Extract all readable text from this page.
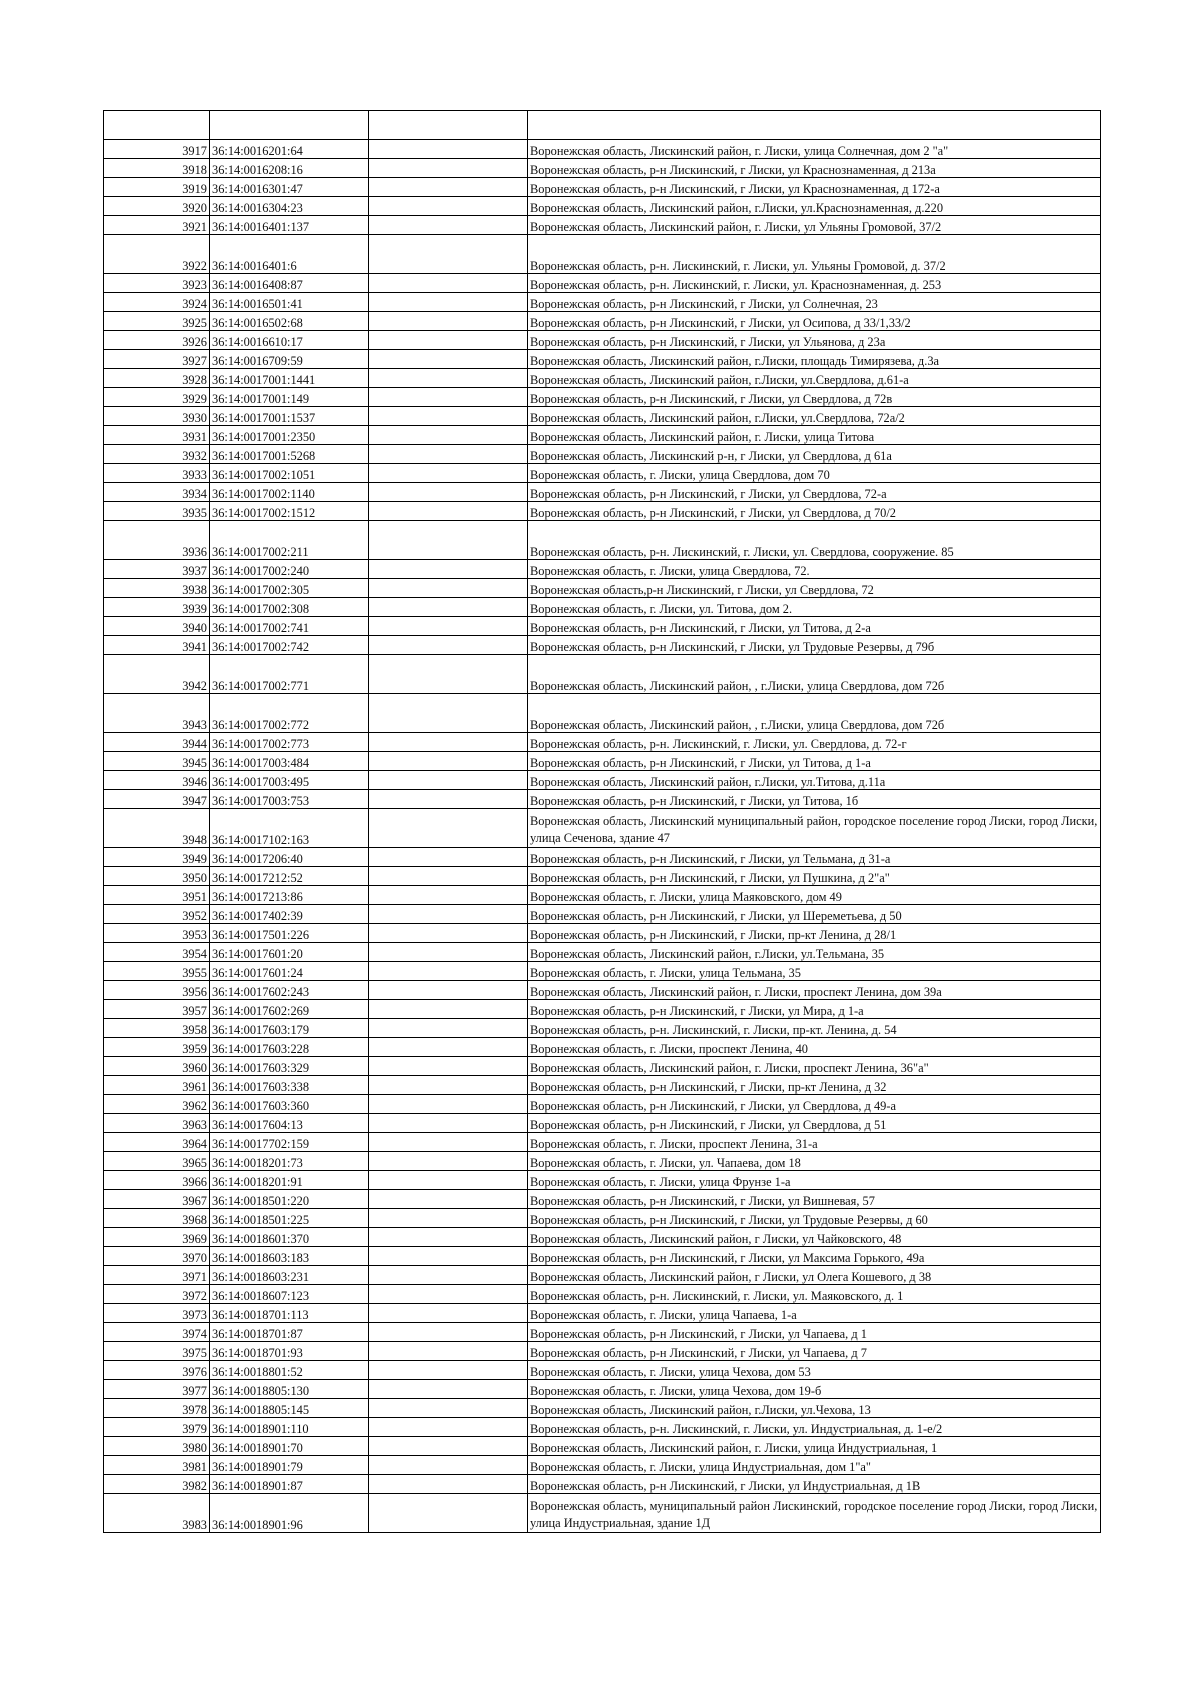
3917	36:14:0016201:64		Воронежская область, Лискинский район, г. Лиски, улица Солнечная, дом 2 "а"
3918	36:14:0016208:16		Воронежская область, р-н Лискинский, г Лиски, ул Краснознаменная, д 213а
3919	36:14:0016301:47		Воронежская область, р-н Лискинский, г Лиски, ул Краснознаменная, д 172-а
3920	36:14:0016304:23		Воронежская область, Лискинский район, г.Лиски, ул.Краснознаменная, д.220
3921	36:14:0016401:137		Воронежская область, Лискинский район, г. Лиски, ул Ульяны Громовой, 37/2
3922	36:14:0016401:6		Воронежская область, р-н. Лискинский, г. Лиски, ул. Ульяны Громовой, д. 37/2
3923	36:14:0016408:87		Воронежская область, р-н. Лискинский, г. Лиски, ул. Краснознаменная, д. 253
3924	36:14:0016501:41		Воронежская область, р-н Лискинский, г Лиски, ул Солнечная, 23
3925	36:14:0016502:68		Воронежская область, р-н Лискинский, г Лиски, ул Осипова, д 33/1,33/2
3926	36:14:0016610:17		Воронежская область, р-н Лискинский, г Лиски, ул Ульянова, д 23а
3927	36:14:0016709:59		Воронежская область, Лискинский район, г.Лиски, площадь Тимирязева, д.3а
3928	36:14:0017001:1441		Воронежская область, Лискинский район, г.Лиски, ул.Свердлова, д.61-а
3929	36:14:0017001:149		Воронежская область, р-н Лискинский, г Лиски, ул Свердлова, д 72в
3930	36:14:0017001:1537		Воронежская область, Лискинский район, г.Лиски, ул.Свердлова, 72а/2
3931	36:14:0017001:2350		Воронежская область, Лискинский район, г. Лиски, улица Титова
3932	36:14:0017001:5268		Воронежская область, Лискинский р-н, г Лиски, ул Свердлова, д 61а
3933	36:14:0017002:1051		Воронежская область, г. Лиски, улица Свердлова, дом 70
3934	36:14:0017002:1140		Воронежская область, р-н Лискинский, г Лиски, ул Свердлова, 72-а
3935	36:14:0017002:1512		Воронежская область, р-н Лискинский, г Лиски, ул Свердлова, д 70/2
3936	36:14:0017002:211		Воронежская область, р-н. Лискинский, г. Лиски, ул. Свердлова, сооружение. 85
3937	36:14:0017002:240		Воронежская область, г. Лиски, улица Свердлова, 72.
3938	36:14:0017002:305		Воронежская область,р-н Лискинский, г Лиски, ул Свердлова, 72
3939	36:14:0017002:308		Воронежская область, г. Лиски, ул. Титова, дом 2.
3940	36:14:0017002:741		Воронежская область, р-н Лискинский, г Лиски, ул Титова, д 2-а
3941	36:14:0017002:742		Воронежская область, р-н Лискинский, г Лиски, ул Трудовые Резервы, д 79б
3942	36:14:0017002:771		Воронежская область, Лискинский район, , г.Лиски, улица Свердлова, дом 72б
3943	36:14:0017002:772		Воронежская область, Лискинский район, , г.Лиски, улица Свердлова, дом 72б
3944	36:14:0017002:773		Воронежская область, р-н. Лискинский, г. Лиски, ул. Свердлова, д. 72-г
3945	36:14:0017003:484		Воронежская область, р-н Лискинский, г Лиски, ул Титова, д 1-а
3946	36:14:0017003:495		Воронежская область, Лискинский район, г.Лиски, ул.Титова, д.11а
3947	36:14:0017003:753		Воронежская область, р-н Лискинский, г Лиски, ул Титова, 1б
3948	36:14:0017102:163		Воронежская область, Лискинский муниципальный район, городское поселение город Лиски, город Лиски, улица Сеченова, здание 47
3949	36:14:0017206:40		Воронежская область, р-н Лискинский, г Лиски, ул Тельмана, д 31-а
3950	36:14:0017212:52		Воронежская область, р-н Лискинский, г Лиски, ул Пушкина, д 2"а"
3951	36:14:0017213:86		Воронежская область, г. Лиски, улица Маяковского, дом 49
3952	36:14:0017402:39		Воронежская область, р-н Лискинский, г Лиски, ул Шереметьева, д 50
3953	36:14:0017501:226		Воронежская область, р-н Лискинский, г Лиски, пр-кт Ленина, д 28/1
3954	36:14:0017601:20		Воронежская область, Лискинский район, г.Лиски, ул.Тельмана, 35
3955	36:14:0017601:24		Воронежская область, г. Лиски, улица Тельмана, 35
3956	36:14:0017602:243		Воронежская область, Лискинский район, г. Лиски, проспект Ленина, дом 39а
3957	36:14:0017602:269		Воронежская область, р-н Лискинский, г Лиски, ул Мира, д 1-а
3958	36:14:0017603:179		Воронежская область, р-н. Лискинский, г. Лиски, пр-кт. Ленина, д. 54
3959	36:14:0017603:228		Воронежская область, г. Лиски, проспект Ленина, 40
3960	36:14:0017603:329		Воронежская область, Лискинский район, г. Лиски, проспект Ленина, 36"а"
3961	36:14:0017603:338		Воронежская область, р-н Лискинский, г Лиски, пр-кт Ленина, д 32
3962	36:14:0017603:360		Воронежская область, р-н Лискинский, г Лиски, ул Свердлова, д 49-а
3963	36:14:0017604:13		Воронежская область, р-н Лискинский, г Лиски, ул Свердлова, д 51
3964	36:14:0017702:159		Воронежская область, г. Лиски, проспект Ленина, 31-а
3965	36:14:0018201:73		Воронежская область, г. Лиски, ул. Чапаева, дом 18
3966	36:14:0018201:91		Воронежская область, г. Лиски, улица Фрунзе 1-а
3967	36:14:0018501:220		Воронежская область, р-н Лискинский, г Лиски, ул Вишневая, 57
3968	36:14:0018501:225		Воронежская область, р-н Лискинский, г Лиски, ул Трудовые Резервы, д 60
3969	36:14:0018601:370		Воронежская область, Лискинский район, г Лиски, ул Чайковского, 48
3970	36:14:0018603:183		Воронежская область, р-н Лискинский, г Лиски, ул Максима Горького, 49а
3971	36:14:0018603:231		Воронежская область, Лискинский район, г Лиски, ул Олега Кошевого, д 38
3972	36:14:0018607:123		Воронежская область, р-н. Лискинский, г. Лиски, ул. Маяковского, д. 1
3973	36:14:0018701:113		Воронежская область, г. Лиски, улица Чапаева, 1-а
3974	36:14:0018701:87		Воронежская область, р-н Лискинский, г Лиски, ул Чапаева, д 1
3975	36:14:0018701:93		Воронежская область, р-н Лискинский, г Лиски, ул Чапаева, д 7
3976	36:14:0018801:52		Воронежская область, г. Лиски, улица Чехова, дом 53
3977	36:14:0018805:130		Воронежская область, г. Лиски, улица Чехова, дом 19-б
3978	36:14:0018805:145		Воронежская область, Лискинский район, г.Лиски, ул.Чехова, 13
3979	36:14:0018901:110		Воронежская область, р-н. Лискинский, г. Лиски, ул. Индустриальная, д. 1-е/2
3980	36:14:0018901:70		Воронежская область, Лискинский район, г. Лиски, улица Индустриальная, 1
3981	36:14:0018901:79		Воронежская область, г. Лиски, улица Индустриальная, дом 1"а"
3982	36:14:0018901:87		Воронежская область, р-н Лискинский, г Лиски, ул Индустриальная, д 1В
3983	36:14:0018901:96		Воронежская область, муниципальный район Лискинский, городское поселение город Лиски, город Лиски, улица Индустриальная, здание 1Д
